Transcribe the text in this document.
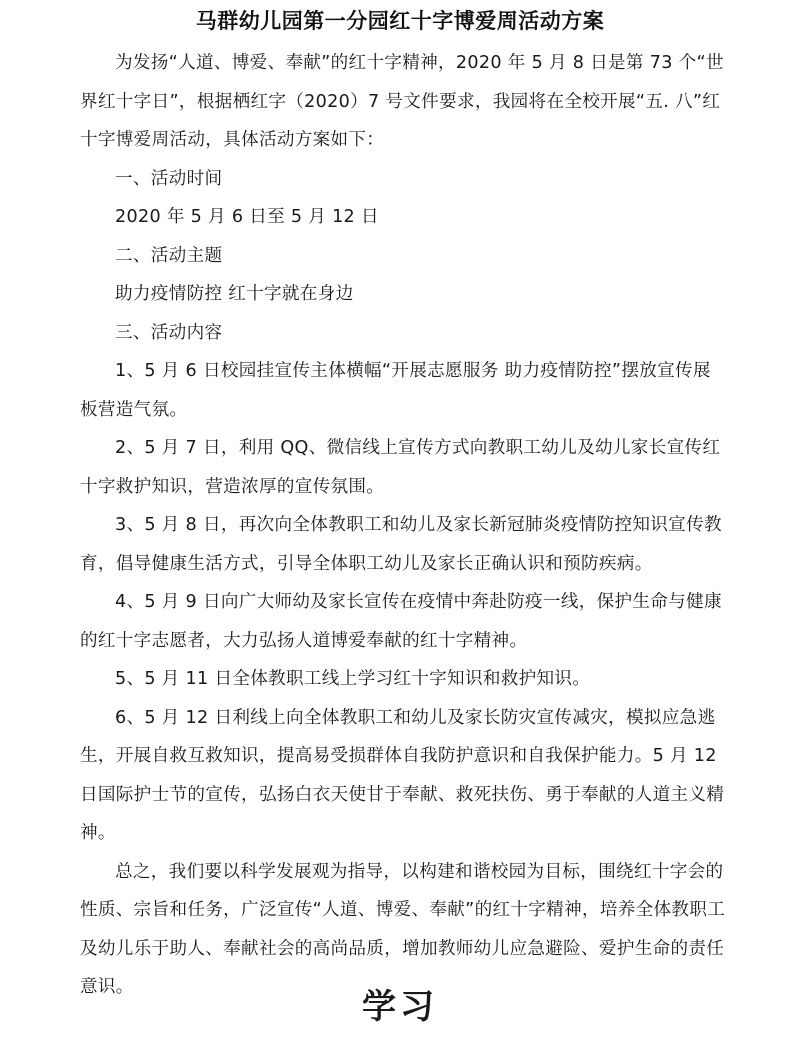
马群幼儿园第一分园红十字博爱周活动方案

为发扬“人道、博爱、奉献”的红十字精神，2020 年 5 月 8 日是第 73 个“世界红十字日”，根据栖红字（2020）7 号文件要求，我园将在全校开展“五. 八”红十字博爱周活动，具体活动方案如下：

一、活动时间

2020 年 5 月 6 日至 5 月 12 日

二、活动主题

助力疫情防控 红十字就在身边

三、活动内容

1、5 月 6 日校园挂宣传主体横幅“开展志愿服务 助力疫情防控”摆放宣传展板营造气氛。

2、5 月 7 日，利用 QQ、微信线上宣传方式向教职工幼儿及幼儿家长宣传红十字救护知识，营造浓厚的宣传氛围。

3、5 月 8 日，再次向全体教职工和幼儿及家长新冠肺炎疫情防控知识宣传教育，倡导健康生活方式，引导全体职工幼儿及家长正确认识和预防疾病。

4、5 月 9 日向广大师幼及家长宣传在疫情中奔赴防疫一线，保护生命与健康的红十字志愿者，大力弘扬人道博爱奉献的红十字精神。

5、5 月 11 日全体教职工线上学习红十字知识和救护知识。

6、5 月 12 日利线上向全体教职工和幼儿及家长防灾宣传减灾，模拟应急逃生，开展自救互救知识，提高易受损群体自我防护意识和自我保护能力。5 月 12 日国际护士节的宣传，弘扬白衣天使甘于奉献、救死扶伤、勇于奉献的人道主义精神。

总之，我们要以科学发展观为指导，以构建和谐校园为目标，围绕红十字会的性质、宗旨和任务，广泛宣传“人道、博爱、奉献”的红十字精神，培养全体教职工及幼儿乐于助人、奉献社会的高尚品质，增加教师幼儿应急避险、爱护生命的责任意识。	学习
